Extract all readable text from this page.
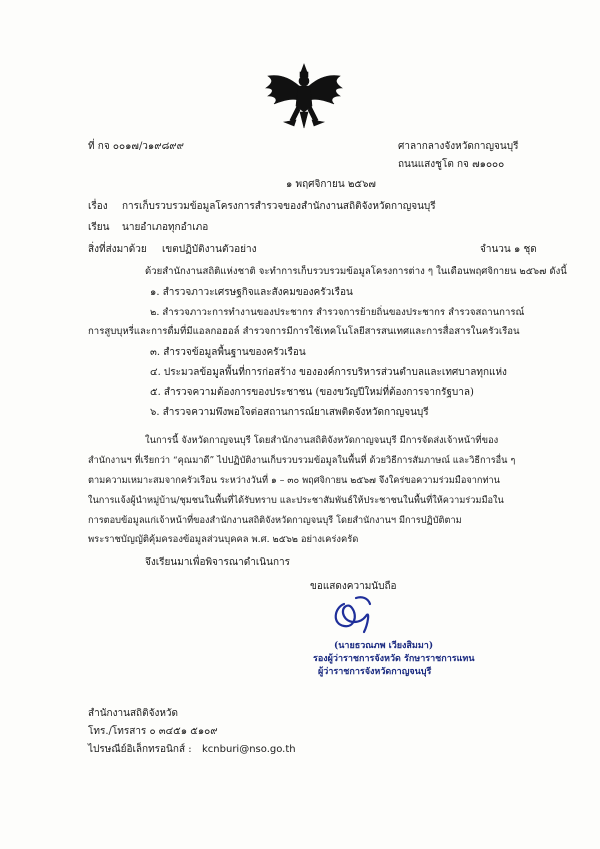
ที่ กจ ๐๐๑๗/ว๑๙๘๙๙	ศาลากลางจังหวัดกาญจนบุรี
ถนนแสงชูโต กจ ๗๑๐๐๐
๑ พฤศจิกายน ๒๕๖๗
เรื่อง การเก็บรวบรวมข้อมูลโครงการสำรวจของสำนักงานสถิติจังหวัดกาญจนบุรี
เรียน นายอำเภอทุกอำเภอ
สิ่งที่ส่งมาด้วย เขตปฏิบัติงานตัวอย่าง	จำนวน ๑ ชุด
ด้วยสำนักงานสถิติแห่งชาติ จะทำการเก็บรวบรวมข้อมูลโครงการต่าง ๆ ในเดือนพฤศจิกายน ๒๕๖๗ ดังนี้
๑. สำรวจภาวะเศรษฐกิจและสังคมของครัวเรือน
๒. สำรวจภาวะการทำงานของประชากร สำรวจการย้ายถิ่นของประชากร สำรวจสถานการณ์
การสูบบุหรี่และการดื่มที่มีแอลกอฮอล์ สำรวจการมีการใช้เทคโนโลยีสารสนเทศและการสื่อสารในครัวเรือน
๓. สำรวจข้อมูลพื้นฐานของครัวเรือน
๔. ประมวลข้อมูลพื้นที่การก่อสร้าง ขององค์การบริหารส่วนตำบลและเทศบาลทุกแห่ง
๕. สำรวจความต้องการของประชาชน (ของขวัญปีใหม่ที่ต้องการจากรัฐบาล)
๖. สำรวจความพึงพอใจต่อสถานการณ์ยาเสพติดจังหวัดกาญจนบุรี
ในการนี้ จังหวัดกาญจนบุรี โดยสำนักงานสถิติจังหวัดกาญจนบุรี มีการจัดส่งเจ้าหน้าที่ของ
สำนักงานฯ ที่เรียกว่า “คุณมาดี” ไปปฏิบัติงานเก็บรวบรวมข้อมูลในพื้นที่ ด้วยวิธีการสัมภาษณ์ และวิธีการอื่น ๆ
ตามความเหมาะสมจากครัวเรือน ระหว่างวันที่ ๑ – ๓๐ พฤศจิกายน ๒๕๖๗ จึงใคร่ขอความร่วมมือจากท่าน
ในการแจ้งผู้นำหมู่บ้าน/ชุมชนในพื้นที่ได้รับทราบ และประชาสัมพันธ์ให้ประชาชนในพื้นที่ให้ความร่วมมือใน
การตอบข้อมูลแก่เจ้าหน้าที่ของสำนักงานสถิติจังหวัดกาญจนบุรี โดยสำนักงานฯ มีการปฏิบัติตาม
พระราชบัญญัติคุ้มครองข้อมูลส่วนบุคคล พ.ศ. ๒๕๖๒ อย่างเคร่งครัด
จึงเรียนมาเพื่อพิจารณาดำเนินการ
ขอแสดงความนับถือ
(นายธวณภพ เวียงสิมมา)
รองผู้ว่าราชการจังหวัด รักษาราชการแทน
ผู้ว่าราชการจังหวัดกาญจนบุรี
สำนักงานสถิติจังหวัด
โทร./โทรสาร ๐ ๓๔๕๑ ๕๑๐๙
ไปรษณีย์อิเล็กทรอนิกส์ : kcnburi@nso.go.th
